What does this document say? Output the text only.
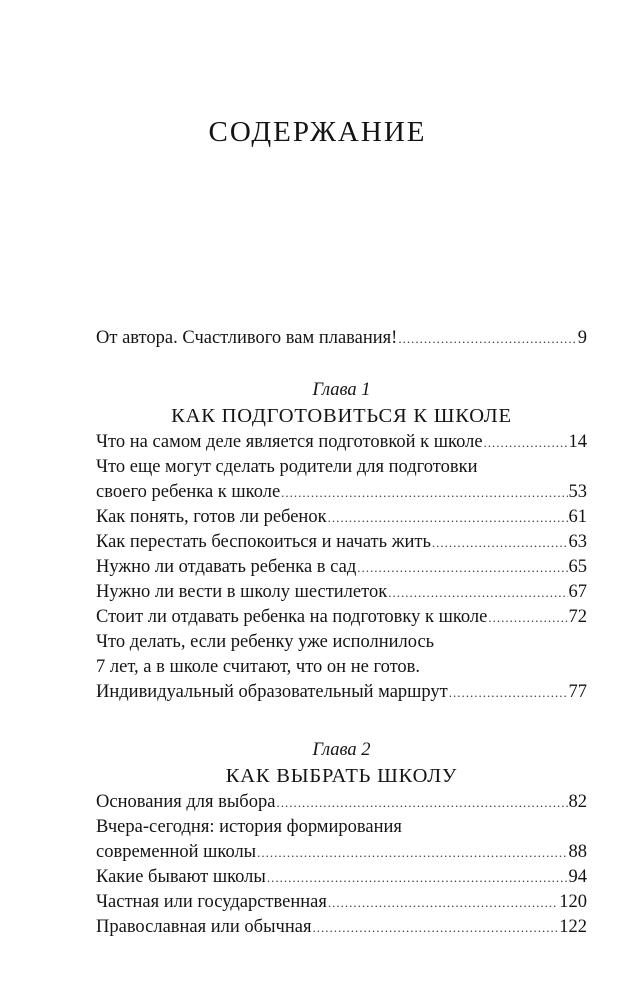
СОДЕРЖАНИЕ
От автора. Счастливого вам плавания! .....	9
Глава 1
КАК ПОДГОТОВИТЬСЯ К ШКОЛЕ
Что на самом деле является подготовкой к школе .....	14
Что еще могут сделать родители для подготовки
своего ребенка к школе .....	53
Как понять, готов ли ребенок .....	61
Как перестать беспокоиться и начать жить .....	63
Нужно ли отдавать ребенка в сад .....	65
Нужно ли вести в школу шестилеток .....	67
Стоит ли отдавать ребенка на подготовку к школе .....	72
Что делать, если ребенку уже исполнилось
7 лет, а в школе считают, что он не готов.
Индивидуальный образовательный маршрут .....	77
Глава 2
КАК ВЫБРАТЬ ШКОЛУ
Основания для выбора .....	82
Вчера-сегодня: история формирования
современной школы .....	88
Какие бывают школы .....	94
Частная или государственная .....	120
Православная или обычная .....	122
